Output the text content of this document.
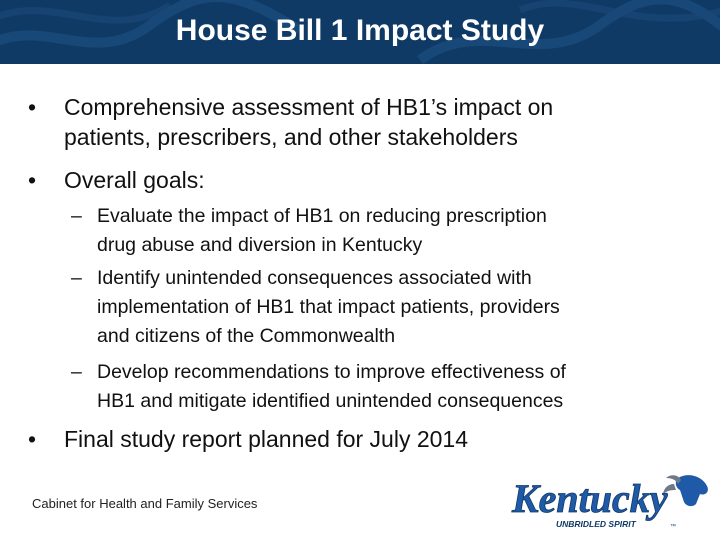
House Bill 1 Impact Study
• Comprehensive assessment of HB1’s impact on
patients, prescribers, and other stakeholders
• Overall goals:
– Evaluate the impact of HB1 on reducing prescription
drug abuse and diversion in Kentucky
– Identify unintended consequences associated with
implementation of HB1 that impact patients, providers
and citizens of the Commonwealth
– Develop recommendations to improve effectiveness of
HB1 and mitigate identified unintended consequences
• Final study report planned for July 2014
Cabinet for Health and Family Services	Kentucky
UNBRIDLED SPIRIT	™
